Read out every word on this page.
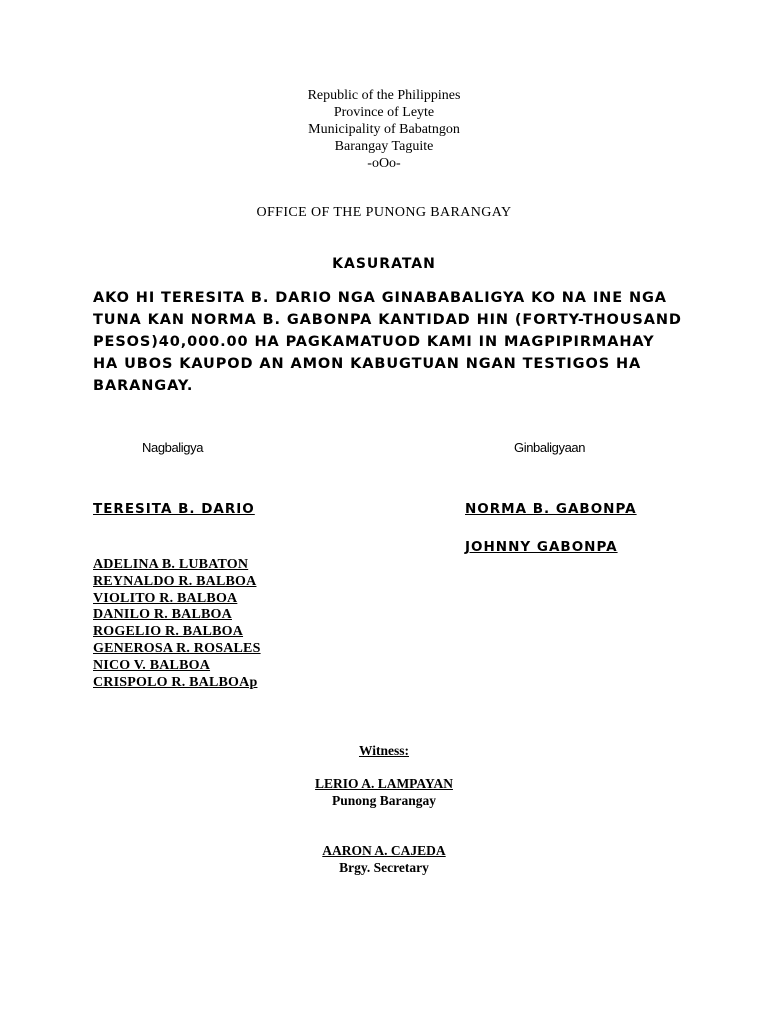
Republic of the Philippines
Province of Leyte
Municipality of Babatngon
Barangay Taguite
-oOo-
OFFICE OF THE PUNONG BARANGAY
KASURATAN
AKO HI TERESITA B. DARIO NGA GINABABALIGYA KO NA INE NGA TUNA KAN NORMA B. GABONPA KANTIDAD HIN (FORTY-THOUSAND PESOS)40,000.00 HA PAGKAMATUOD KAMI IN MAGPIPIRMAHAY HA UBOS KAUPOD AN AMON KABUGTUAN NGAN TESTIGOS HA BARANGAY.
Nagbaligya	Ginbaligyaan
TERESITA B. DARIO	NORMA B. GABONPA
JOHNNY GABONPA
ADELINA B. LUBATON
REYNALDO R. BALBOA
VIOLITO R. BALBOA
DANILO R. BALBOA
ROGELIO R. BALBOA
GENEROSA R. ROSALES
NICO V. BALBOA
CRISPOLO R. BALBOAp
Witness:
LERIO A. LAMPAYAN
Punong Barangay
AARON A. CAJEDA
Brgy. Secretary
